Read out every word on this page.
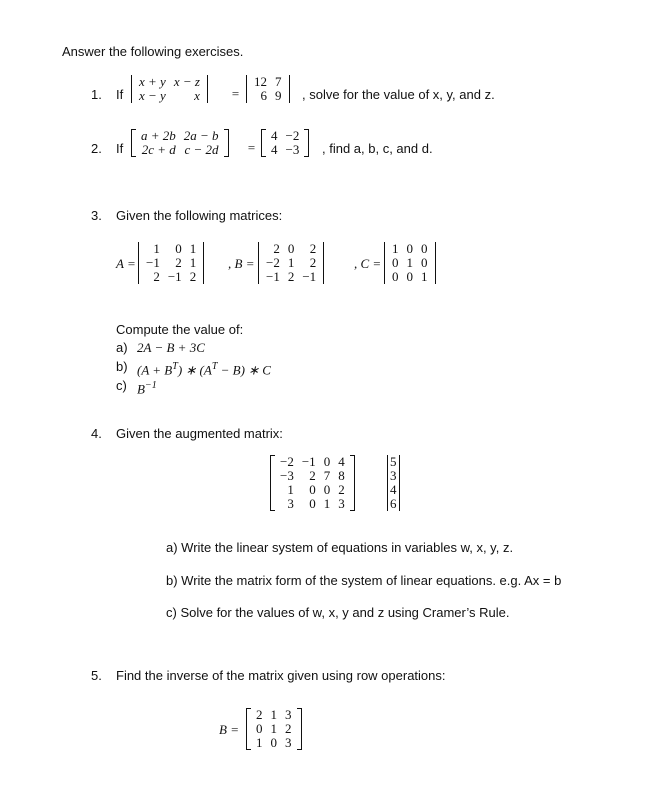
Answer the following exercises.
1. If
x + y	x − z
x − y	x =
12	7
6	9 , solve for the value of x, y, and z.
2. If
a + 2b	2a − b
2c + d	c − 2d =
4	−2
4	−3 , find a, b, c, and d.
3. Given the following matrices:
A =
1	0	1
−1	2	1
2	−1	2
, B =
2	0	2
−2	1	2
−1	2	−1
, C =
1	0	0
0	1	0
0	0	1
Compute the value of:
a) 2A − B + 3C
b) $(A + B^T)$ ∗ $(A^T - B)$ ∗ C
c) $B^{-1}$
4. Given the augmented matrix:
−2	−1	0	4
−3	2	7	8
1	0	0	2
3	0	1	3
5
3
4
6
a) Write the linear system of equations in variables w, x, y, z.
b) Write the matrix form of the system of linear equations. e.g. Ax = b
c) Solve for the values of w, x, y and z using Cramer’s Rule.
5. Find the inverse of the matrix given using row operations:
B =
2	1	3
0	1	2
1	0	3
